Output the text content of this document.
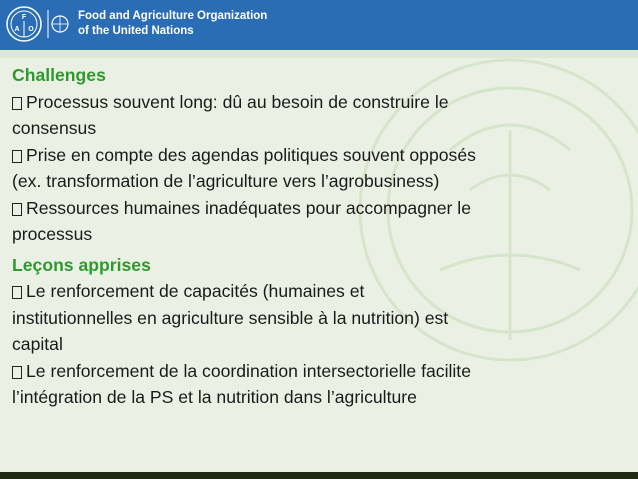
F
A O
Food and Agriculture Organization
of the United Nations
Challenges
Processus souvent long: dû au besoin de construire le
consensus
Prise en compte des agendas politiques souvent opposés
(ex. transformation de l’agriculture vers l’agrobusiness)
Ressources humaines inadéquates pour accompagner le
processus
Leçons apprises
Le renforcement de capacités (humaines et
institutionnelles en agriculture sensible à la nutrition) est
capital
Le renforcement de la coordination intersectorielle facilite
l’intégration de la PS et la nutrition dans l’agriculture
